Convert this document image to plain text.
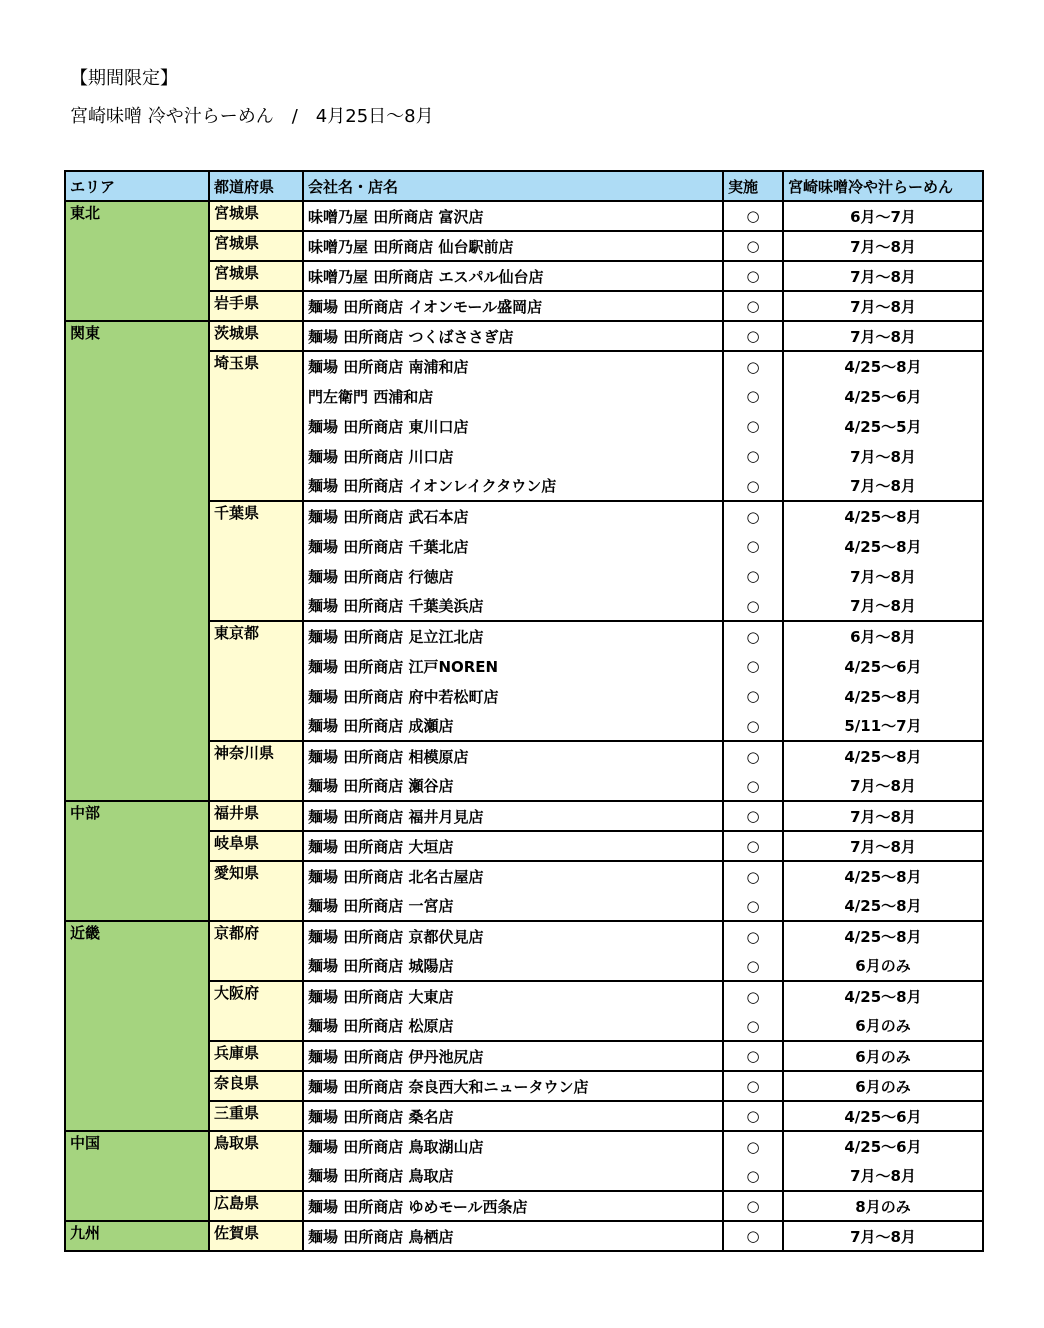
【期間限定】
宮崎味噌 冷や汁らーめん　/　4月25日～8月
エリア	都道府県	会社名・店名	実施	宮崎味噌冷や汁らーめん
東北	宮城県	味噌乃屋 田所商店 富沢店	○	6月～7月
	宮城県	味噌乃屋 田所商店 仙台駅前店	○	7月～8月
	宮城県	味噌乃屋 田所商店 エスパル仙台店	○	7月～8月
	岩手県	麺場 田所商店 イオンモール盛岡店	○	7月～8月
関東	茨城県	麺場 田所商店 つくばささぎ店	○	7月～8月
	埼玉県	麺場 田所商店 南浦和店	○	4/25～8月
		門左衛門 西浦和店	○	4/25～6月
		麺場 田所商店 東川口店	○	4/25～5月
		麺場 田所商店 川口店	○	7月～8月
		麺場 田所商店 イオンレイクタウン店	○	7月～8月
	千葉県	麺場 田所商店 武石本店	○	4/25～8月
		麺場 田所商店 千葉北店	○	4/25～8月
		麺場 田所商店 行徳店	○	7月～8月
		麺場 田所商店 千葉美浜店	○	7月～8月
	東京都	麺場 田所商店 足立江北店	○	6月～8月
		麺場 田所商店 江戸NOREN	○	4/25～6月
		麺場 田所商店 府中若松町店	○	4/25～8月
		麺場 田所商店 成瀬店	○	5/11～7月
	神奈川県	麺場 田所商店 相模原店	○	4/25～8月
		麺場 田所商店 瀬谷店	○	7月～8月
中部	福井県	麺場 田所商店 福井月見店	○	7月～8月
	岐阜県	麺場 田所商店 大垣店	○	7月～8月
	愛知県	麺場 田所商店 北名古屋店	○	4/25～8月
		麺場 田所商店 一宮店	○	4/25～8月
近畿	京都府	麺場 田所商店 京都伏見店	○	4/25～8月
		麺場 田所商店 城陽店	○	6月のみ
	大阪府	麺場 田所商店 大東店	○	4/25～8月
		麺場 田所商店 松原店	○	6月のみ
	兵庫県	麺場 田所商店 伊丹池尻店	○	6月のみ
	奈良県	麺場 田所商店 奈良西大和ニュータウン店	○	6月のみ
	三重県	麺場 田所商店 桑名店	○	4/25～6月
中国	鳥取県	麺場 田所商店 鳥取湖山店	○	4/25～6月
		麺場 田所商店 鳥取店	○	7月～8月
	広島県	麺場 田所商店 ゆめモール西条店	○	8月のみ
九州	佐賀県	麺場 田所商店 鳥栖店	○	7月～8月
